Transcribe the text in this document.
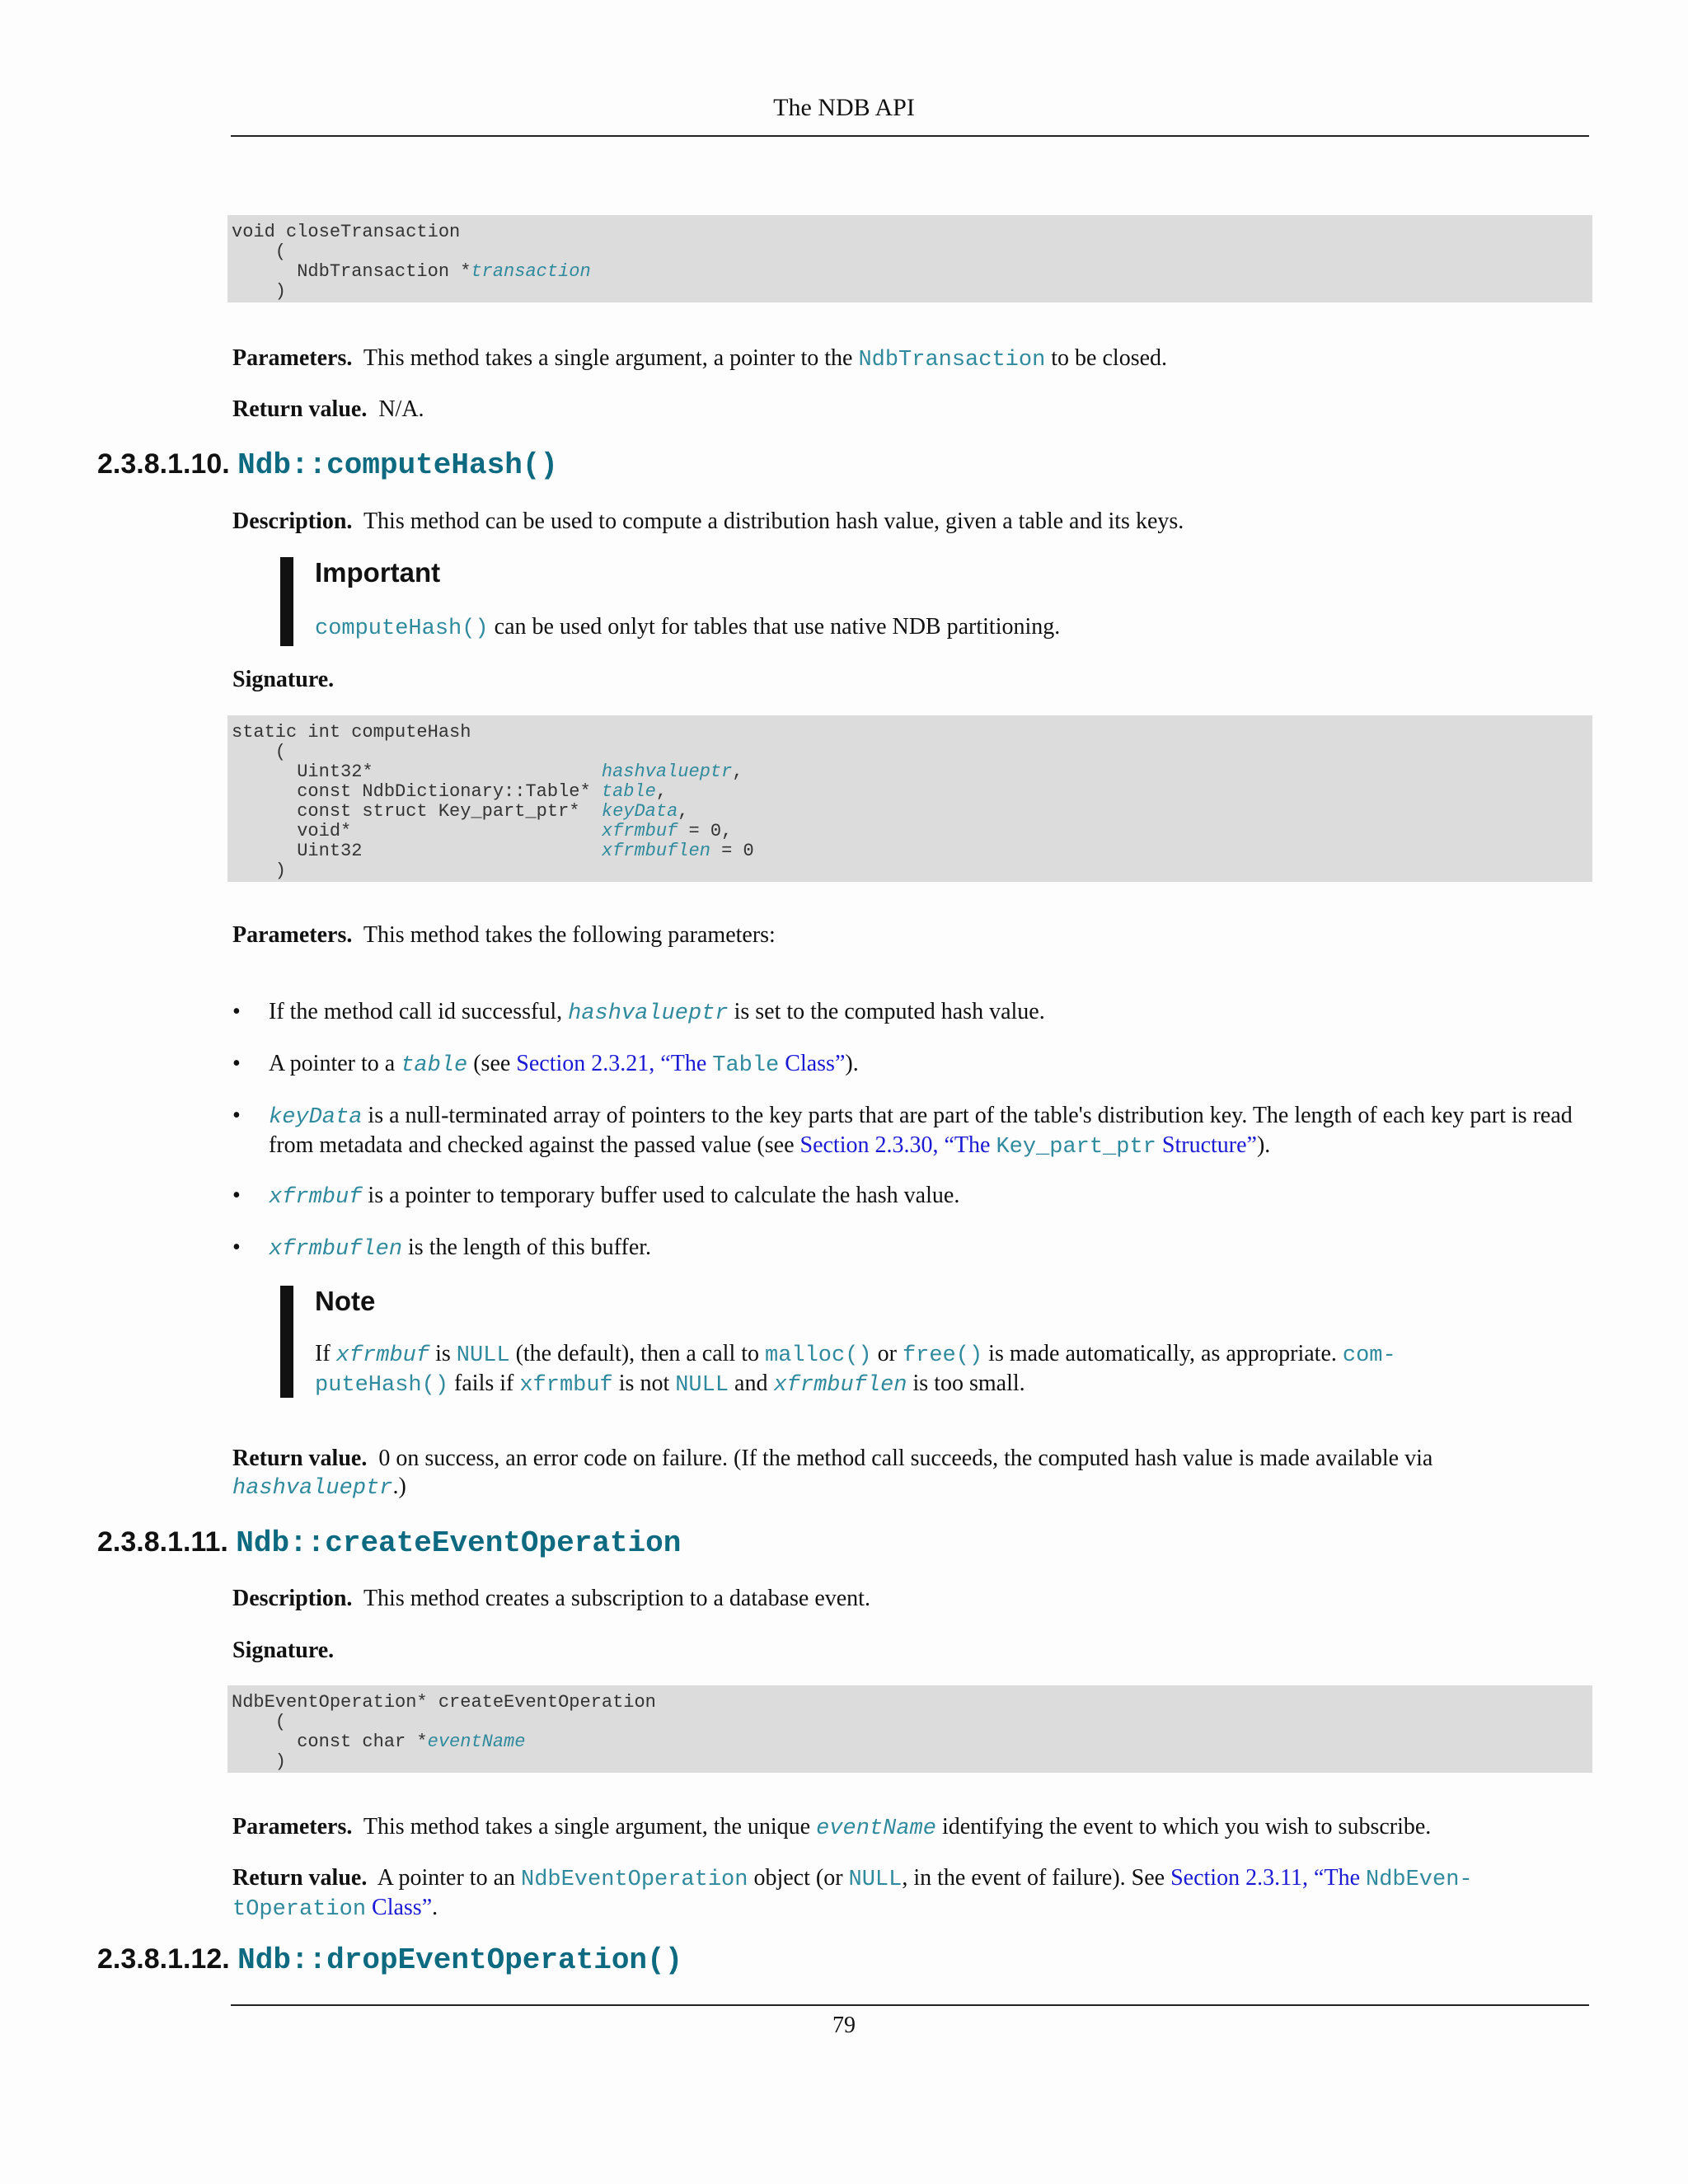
The NDB API
void closeTransaction
(
NdbTransaction *transaction
)
Parameters. This method takes a single argument, a pointer to the NdbTransaction to be closed.
Return value. N/A.
2.3.8.1.10. Ndb::computeHash()
Description. This method can be used to compute a distribution hash value, given a table and its keys.
Important
computeHash() can be used onlyt for tables that use native NDB partitioning.
Signature.
static int computeHash
(
Uint32*                     hashvalueptr,
const NdbDictionary::Table* table,
const struct Key_part_ptr*  keyData,
void*                       xfrmbuf = 0,
Uint32                      xfrmbuflen = 0
)
Parameters. This method takes the following parameters:
• If the method call id successful, hashvalueptr is set to the computed hash value.
• A pointer to a table (see Section 2.3.21, “The Table Class”).
• keyData is a null-terminated array of pointers to the key parts that are part of the table's distribution key. The length of each key part is read from metadata and checked against the passed value (see Section 2.3.30, “The Key_part_ptr Structure”).
• xfrmbuf is a pointer to temporary buffer used to calculate the hash value.
• xfrmbuflen is the length of this buffer.
Note
If xfrmbuf is NULL (the default), then a call to malloc() or free() is made automatically, as appropriate. com-
puteHash() fails if xfrmbuf is not NULL and xfrmbuflen is too small.
Return value. 0 on success, an error code on failure. (If the method call succeeds, the computed hash value is made available via
hashvalueptr.)
2.3.8.1.11. Ndb::createEventOperation
Description. This method creates a subscription to a database event.
Signature.
NdbEventOperation* createEventOperation
(
const char *eventName
)
Parameters. This method takes a single argument, the unique eventName identifying the event to which you wish to subscribe.
Return value. A pointer to an NdbEventOperation object (or NULL, in the event of failure). See Section 2.3.11, “The NdbEven-
tOperation Class”.
2.3.8.1.12. Ndb::dropEventOperation()
79
